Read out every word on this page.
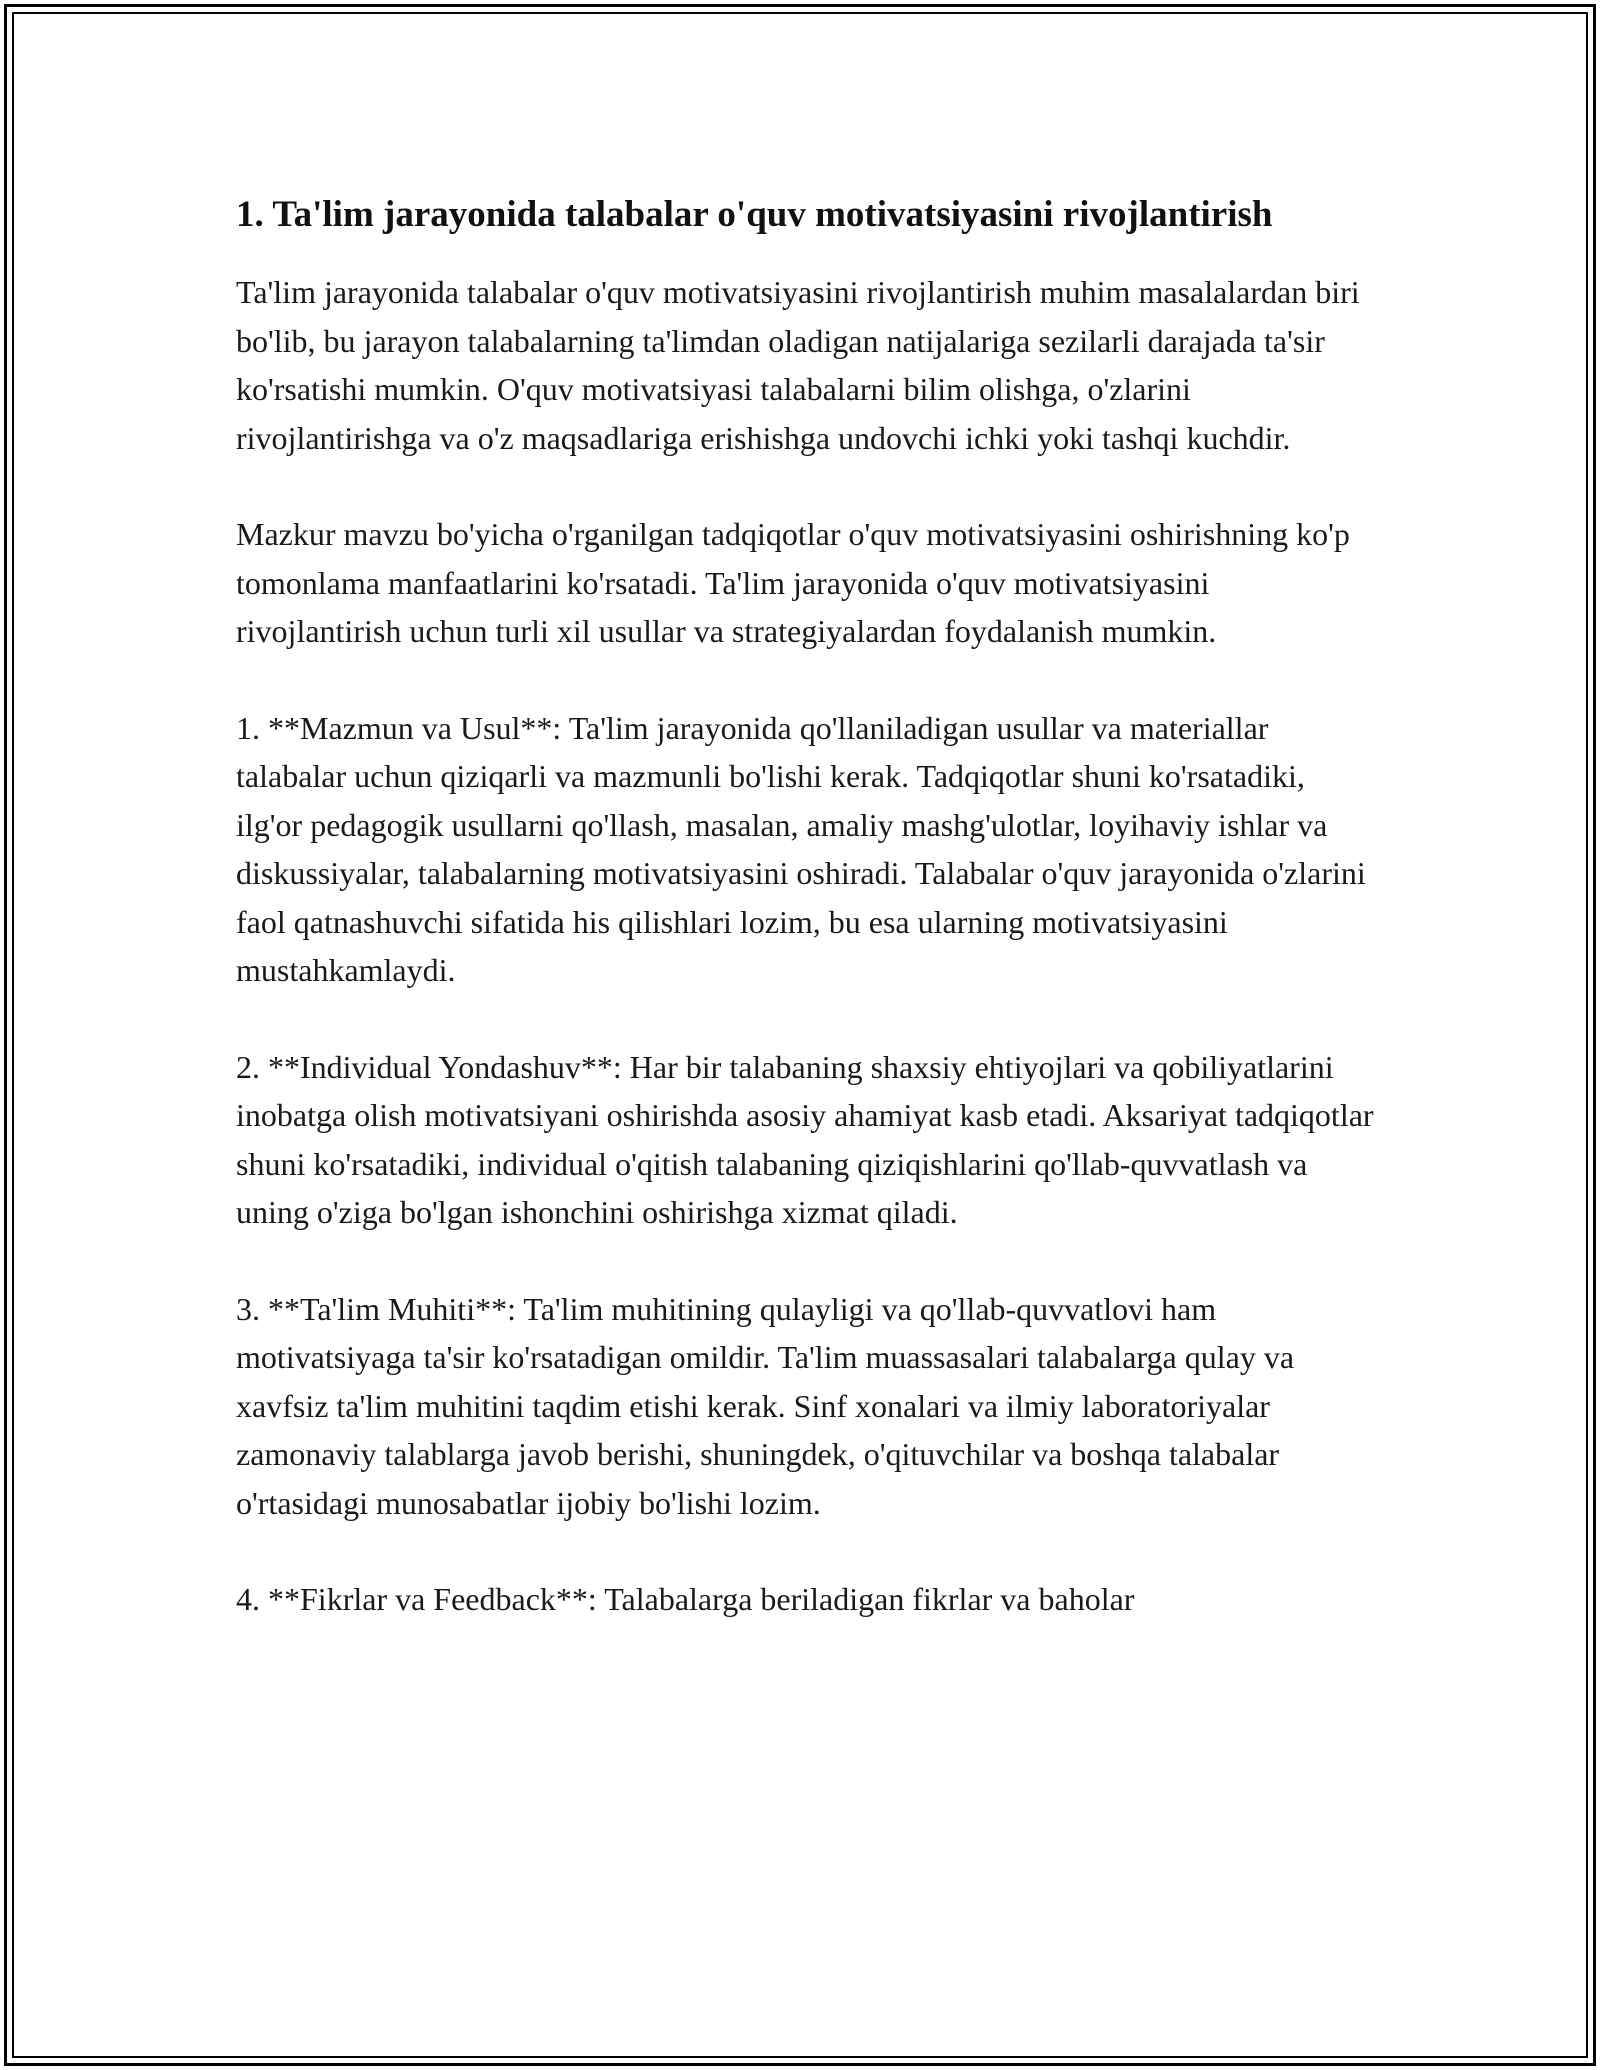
1. Ta'lim jarayonida talabalar o'quv motivatsiyasini rivojlantirish

Ta'lim jarayonida talabalar o'quv motivatsiyasini rivojlantirish muhim masalalardan biri bo'lib, bu jarayon talabalarning ta'limdan oladigan natijalariga sezilarli darajada ta'sir ko'rsatishi mumkin. O'quv motivatsiyasi talabalarni bilim olishga, o'zlarini rivojlantirishga va o'z maqsadlariga erishishga undovchi ichki yoki tashqi kuchdir.

Mazkur mavzu bo'yicha o'rganilgan tadqiqotlar o'quv motivatsiyasini oshirishning ko'p tomonlama manfaatlarini ko'rsatadi. Ta'lim jarayonida o'quv motivatsiyasini rivojlantirish uchun turli xil usullar va strategiyalardan foydalanish mumkin.

1. **Mazmun va Usul**: Ta'lim jarayonida qo'llaniladigan usullar va materiallar talabalar uchun qiziqarli va mazmunli bo'lishi kerak. Tadqiqotlar shuni ko'rsatadiki, ilg'or pedagogik usullarni qo'llash, masalan, amaliy mashg'ulotlar, loyihaviy ishlar va diskussiyalar, talabalarning motivatsiyasini oshiradi. Talabalar o'quv jarayonida o'zlarini faol qatnashuvchi sifatida his qilishlari lozim, bu esa ularning motivatsiyasini mustahkamlaydi.

2. **Individual Yondashuv**: Har bir talabaning shaxsiy ehtiyojlari va qobiliyatlarini inobatga olish motivatsiyani oshirishda asosiy ahamiyat kasb etadi. Aksariyat tadqiqotlar shuni ko'rsatadiki, individual o'qitish talabaning qiziqishlarini qo'llab-quvvatlash va uning o'ziga bo'lgan ishonchini oshirishga xizmat qiladi.

3. **Ta'lim Muhiti**: Ta'lim muhitining qulayligi va qo'llab-quvvatlovi ham motivatsiyaga ta'sir ko'rsatadigan omildir. Ta'lim muassasalari talabalarga qulay va xavfsiz ta'lim muhitini taqdim etishi kerak. Sinf xonalari va ilmiy laboratoriyalar zamonaviy talablarga javob berishi, shuningdek, o'qituvchilar va boshqa talabalar o'rtasidagi munosabatlar ijobiy bo'lishi lozim.

4. **Fikrlar va Feedback**: Talabalarga beriladigan fikrlar va baholar
